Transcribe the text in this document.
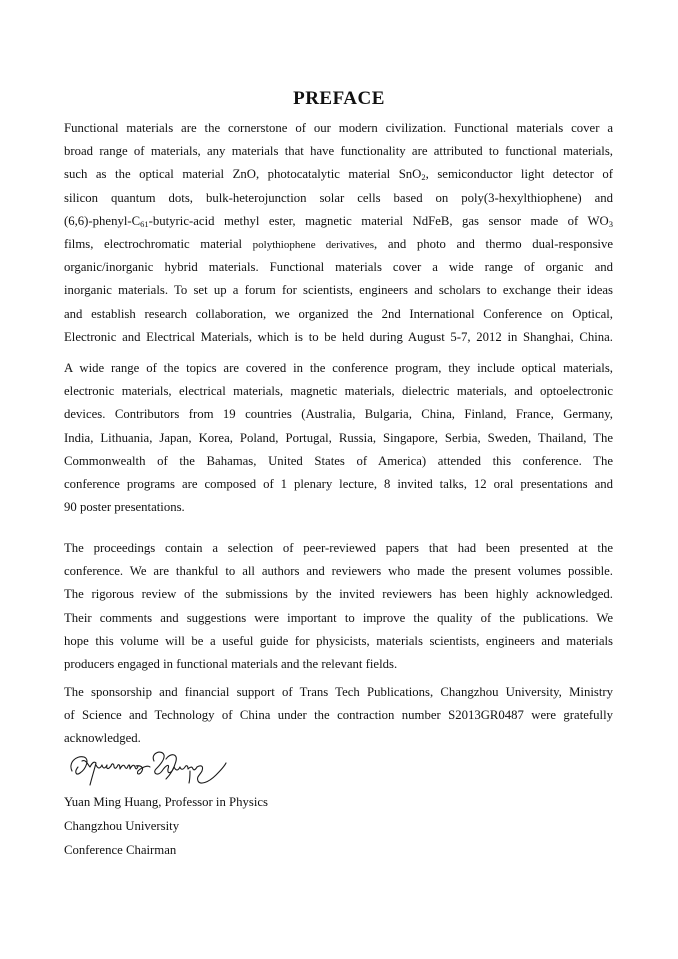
PREFACE
Functional materials are the cornerstone of our modern civilization. Functional materials cover a
broad range of materials, any materials that have functionality are attributed to functional materials,
such as the optical material ZnO, photocatalytic material SnO$_2$, semiconductor light detector of
silicon quantum dots, bulk-heterojunction solar cells based on poly(3-hexylthiophene) and
$(6,6)-phenyl-C_{61}-butyric$-acid methyl ester, magnetic material NdFeB, gas sensor made of $WO_3$
films, electrochromatic material polythiophene derivatives, and photo and thermo dual-responsive
organic/inorganic hybrid materials. Functional materials cover a wide range of organic and
inorganic materials. To set up a forum for scientists, engineers and scholars to exchange their ideas
and establish research collaboration, we organized the 2nd International Conference on Optical,
Electronic and Electrical Materials, which is to be held during August 5-7, 2012 in Shanghai, China.
A wide range of the topics are covered in the conference program, they include optical materials,
electronic materials, electrical materials, magnetic materials, dielectric materials, and optoelectronic
devices. Contributors from 19 countries (Australia, Bulgaria, China, Finland, France, Germany,
India, Lithuania, Japan, Korea, Poland, Portugal, Russia, Singapore, Serbia, Sweden, Thailand, The
Commonwealth of the Bahamas, United States of America) attended this conference. The
conference programs are composed of 1 plenary lecture, 8 invited talks, 12 oral presentations and
90 poster presentations.
The proceedings contain a selection of peer-reviewed papers that had been presented at the
conference. We are thankful to all authors and reviewers who made the present volumes possible.
The rigorous review of the submissions by the invited reviewers has been highly acknowledged.
Their comments and suggestions were important to improve the quality of the publications. We
hope this volume will be a useful guide for physicists, materials scientists, engineers and materials
producers engaged in functional materials and the relevant fields.
The sponsorship and financial support of Trans Tech Publications, Changzhou University, Ministry
of Science and Technology of China under the contraction number S2013GR0487 were gratefully
acknowledged.
Yuan Ming Huang, Professor in Physics
Changzhou University
Conference Chairman
